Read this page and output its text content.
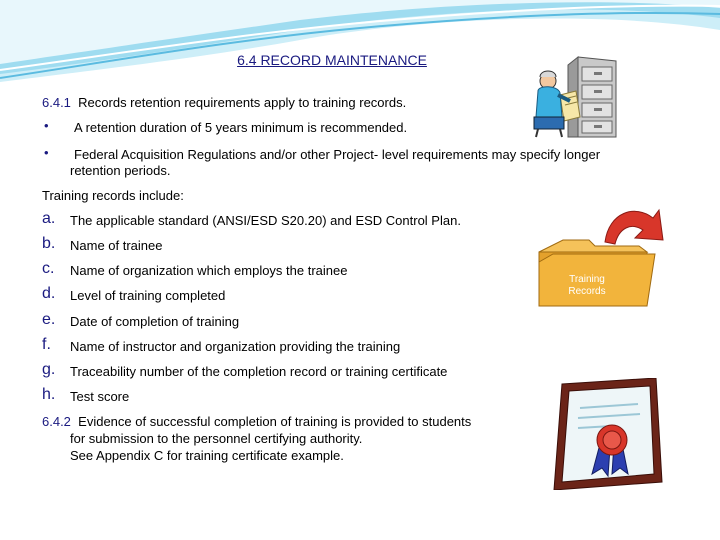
6.4 RECORD MAINTENANCE
6.4.1 Records retention requirements apply to training records.
• A retention duration of 5 years minimum is recommended.
• Federal Acquisition Regulations and/or other Project- level requirements may specify longer
retention periods.
Training records include:
a. The applicable standard (ANSI/ESD S20.20) and ESD Control Plan.
b. Name of trainee
c. Name of organization which employs the trainee
d. Level of training completed
e. Date of completion of training
f. Name of instructor and organization providing the training
g. Traceability number of the completion record or training certificate
h. Test score
6.4.2 Evidence of successful completion of training is provided to students
for submission to the personnel certifying authority.
See Appendix C for training certificate example.
Training
Records
